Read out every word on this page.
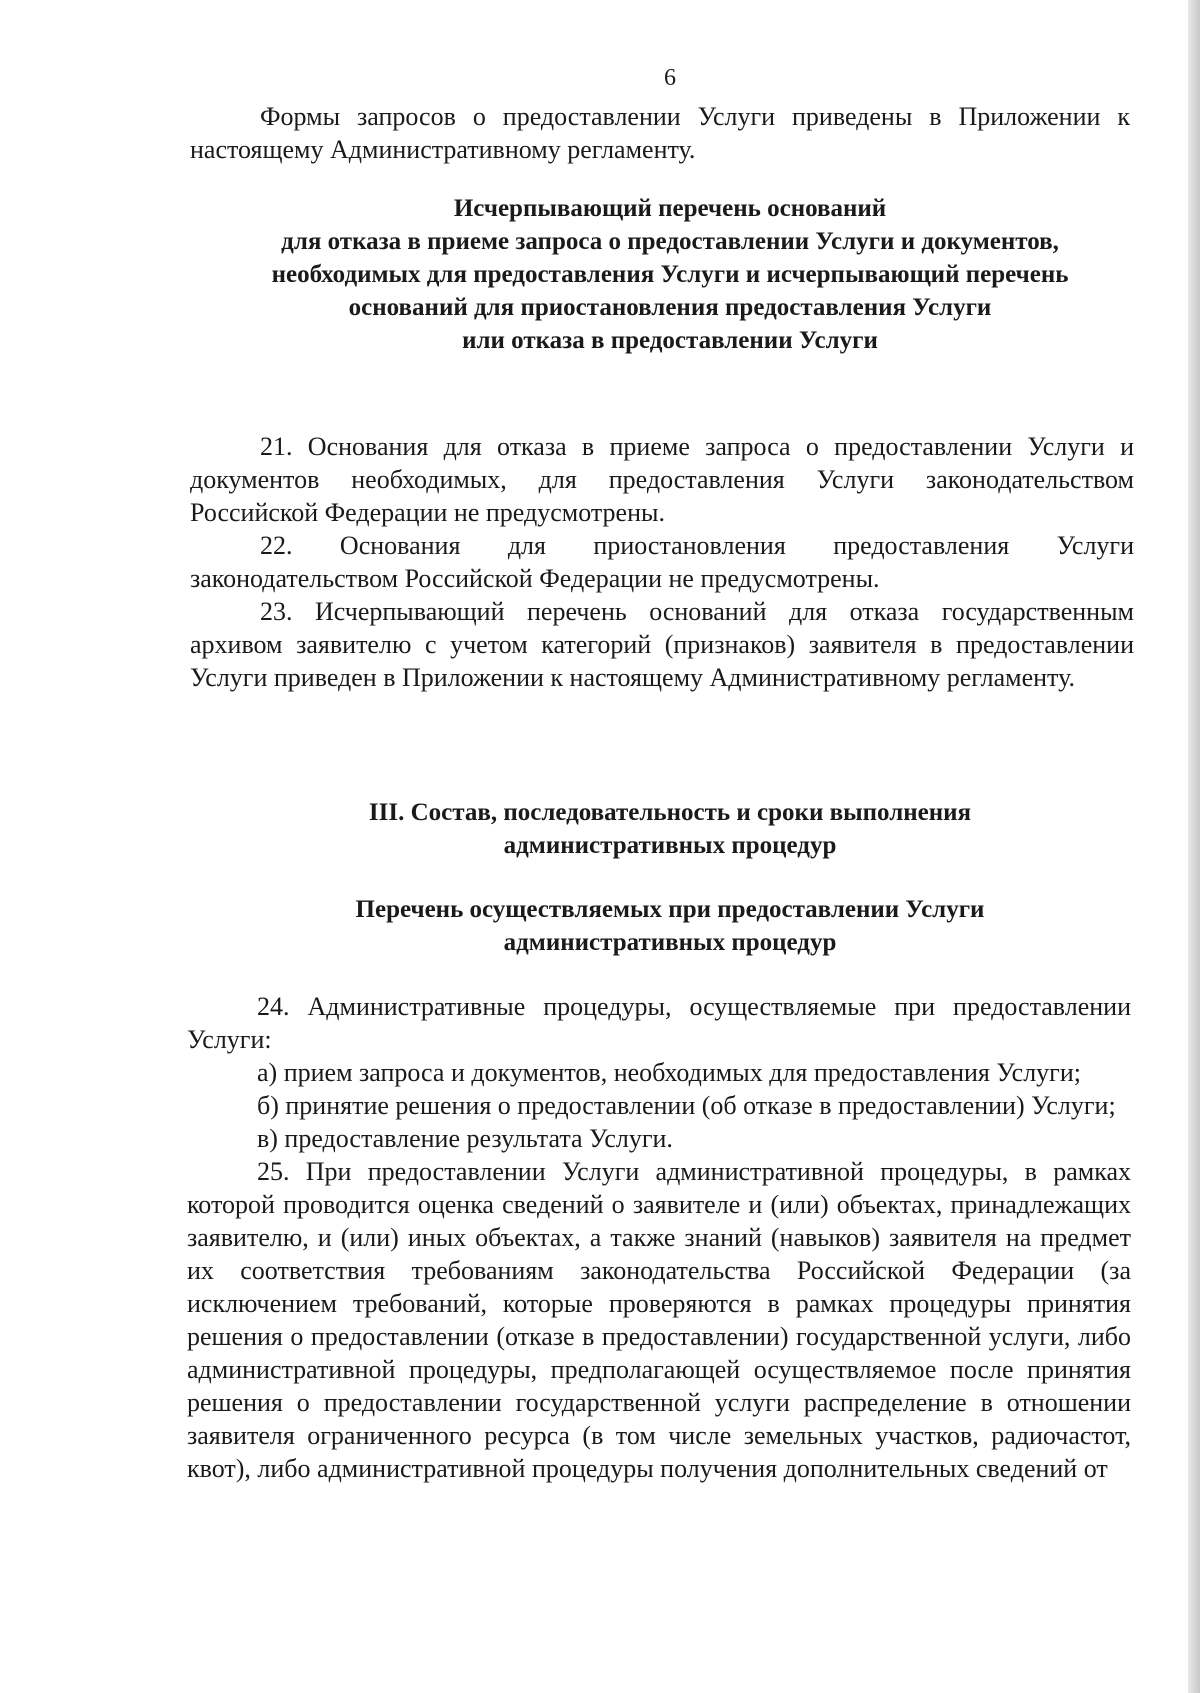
6

Формы запросов о предоставлении Услуги приведены в Приложении к настоящему Административному регламенту.

Исчерпывающий перечень оснований
для отказа в приеме запроса о предоставлении Услуги и документов,
необходимых для предоставления Услуги и исчерпывающий перечень
оснований для приостановления предоставления Услуги
или отказа в предоставлении Услуги

21. Основания для отказа в приеме запроса о предоставлении Услуги и документов необходимых, для предоставления Услуги законодательством Российской Федерации не предусмотрены.

22. Основания для приостановления предоставления Услуги законодательством Российской Федерации не предусмотрены.

23. Исчерпывающий перечень оснований для отказа государственным архивом заявителю с учетом категорий (признаков) заявителя в предоставлении Услуги приведен в Приложении к настоящему Административному регламенту.

III. Состав, последовательность и сроки выполнения
административных процедур

Перечень осуществляемых при предоставлении Услуги
административных процедур

24. Административные процедуры, осуществляемые при предоставлении Услуги:

а) прием запроса и документов, необходимых для предоставления Услуги;

б) принятие решения о предоставлении (об отказе в предоставлении) Услуги;

в) предоставление результата Услуги.

25. При предоставлении Услуги административной процедуры, в рамках которой проводится оценка сведений о заявителе и (или) объектах, принадлежащих заявителю, и (или) иных объектах, а также знаний (навыков) заявителя на предмет их соответствия требованиям законодательства Российской Федерации (за исключением требований, которые проверяются в рамках процедуры принятия решения о предоставлении (отказе в предоставлении) государственной услуги, либо административной процедуры, предполагающей осуществляемое после принятия решения о предоставлении государственной услуги распределение в отношении заявителя ограниченного ресурса (в том числе земельных участков, радиочастот, квот), либо административной процедуры получения дополнительных сведений от
